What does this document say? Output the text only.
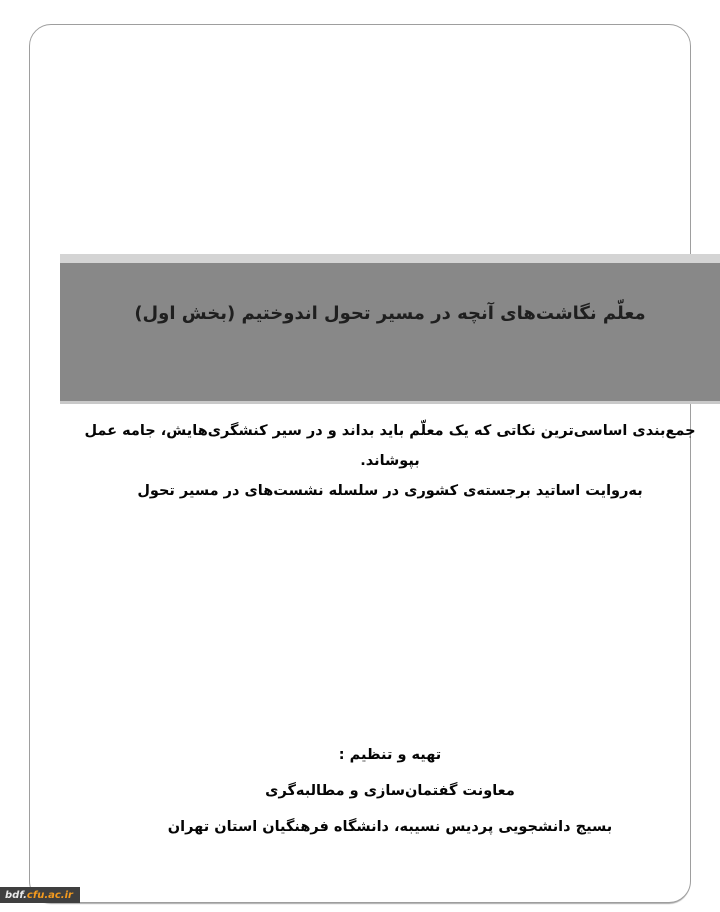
معلّم نگاشت‌های آنچه در مسیر تحول اندوختیم (بخش اول)
جمع‌بندی اساسی‌ترین نکاتی که یک معلّم باید بداند و در سیر کنشگری‌هایش، جامه عمل بپوشاند.
به‌روایت اساتید برجسته‌ی کشوری در سلسله نشست‌های در مسیر تحول
تهیه و تنظیم :
معاونت گفتمان‌سازی و مطالبه‌گری
بسیج دانشجویی پردیس نسیبه، دانشگاه فرهنگیان استان تهران
bdf. cfu.ac.ir
